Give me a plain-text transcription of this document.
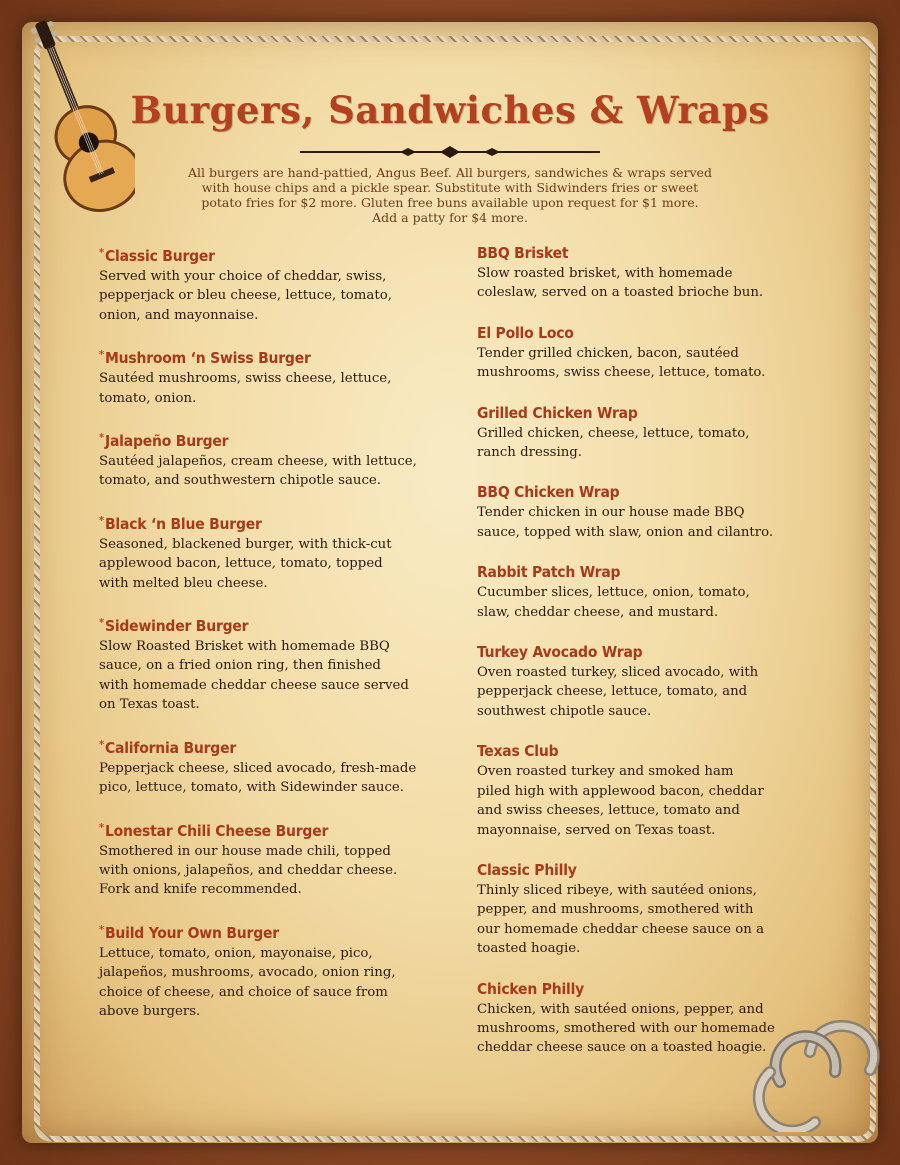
Burgers, Sandwiches & Wraps
All burgers are hand-pattied, Angus Beef. All burgers, sandwiches & wraps served
with house chips and a pickle spear. Substitute with Sidwinders fries or sweet
potato fries for $2 more. Gluten free buns available upon request for $1 more.
Add a patty for $4 more.
*Classic Burger
Served with your choice of cheddar, swiss,
pepperjack or bleu cheese, lettuce, tomato,
onion, and mayonnaise.
*Mushroom ‘n Swiss Burger
Sautéed mushrooms, swiss cheese, lettuce,
tomato, onion.
*Jalapeño Burger
Sautéed jalapeños, cream cheese, with lettuce,
tomato, and southwestern chipotle sauce.
*Black ‘n Blue Burger
Seasoned, blackened burger, with thick-cut
applewood bacon, lettuce, tomato, topped
with melted bleu cheese.
*Sidewinder Burger
Slow Roasted Brisket with homemade BBQ
sauce, on a fried onion ring, then finished
with homemade cheddar cheese sauce served
on Texas toast.
*California Burger
Pepperjack cheese, sliced avocado, fresh-made
pico, lettuce, tomato, with Sidewinder sauce.
*Lonestar Chili Cheese Burger
Smothered in our house made chili, topped
with onions, jalapeños, and cheddar cheese.
Fork and knife recommended.
*Build Your Own Burger
Lettuce, tomato, onion, mayonaise, pico,
jalapeños, mushrooms, avocado, onion ring,
choice of cheese, and choice of sauce from
above burgers.
BBQ Brisket
Slow roasted brisket, with homemade
coleslaw, served on a toasted brioche bun.
El Pollo Loco
Tender grilled chicken, bacon, sautéed
mushrooms, swiss cheese, lettuce, tomato.
Grilled Chicken Wrap
Grilled chicken, cheese, lettuce, tomato,
ranch dressing.
BBQ Chicken Wrap
Tender chicken in our house made BBQ
sauce, topped with slaw, onion and cilantro.
Rabbit Patch Wrap
Cucumber slices, lettuce, onion, tomato,
slaw, cheddar cheese, and mustard.
Turkey Avocado Wrap
Oven roasted turkey, sliced avocado, with
pepperjack cheese, lettuce, tomato, and
southwest chipotle sauce.
Texas Club
Oven roasted turkey and smoked ham
piled high with applewood bacon, cheddar
and swiss cheeses, lettuce, tomato and
mayonnaise, served on Texas toast.
Classic Philly
Thinly sliced ribeye, with sautéed onions,
pepper, and mushrooms, smothered with
our homemade cheddar cheese sauce on a
toasted hoagie.
Chicken Philly
Chicken, with sautéed onions, pepper, and
mushrooms, smothered with our homemade
cheddar cheese sauce on a toasted hoagie.
